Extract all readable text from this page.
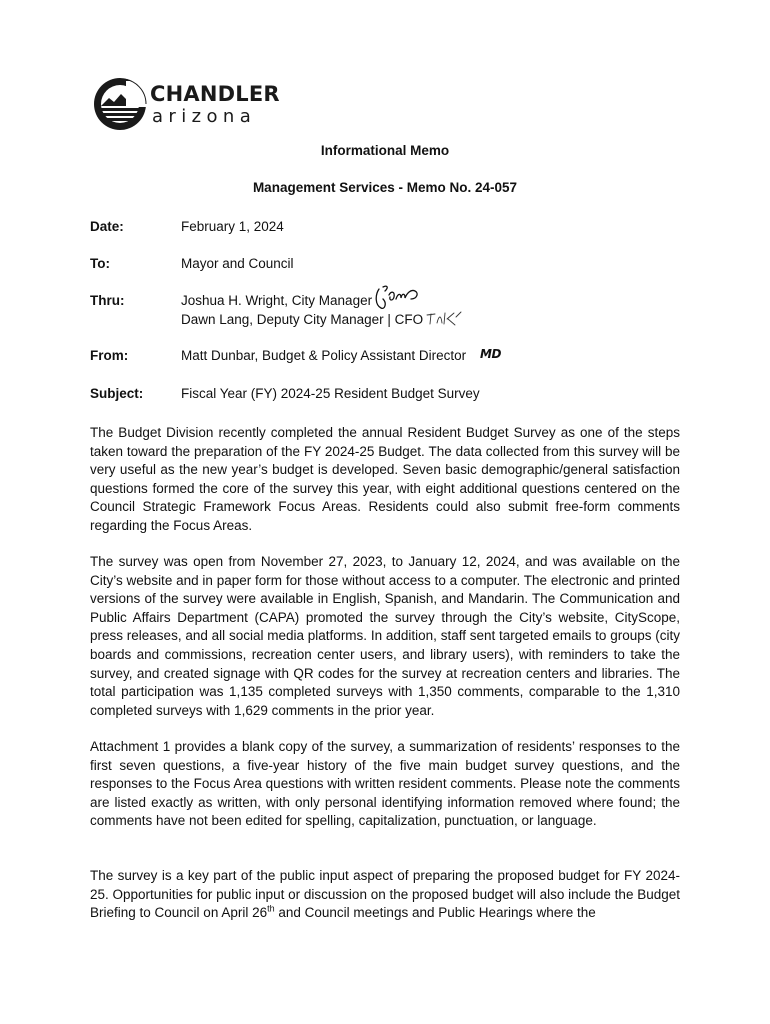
CHANDLER
arizona
Informational Memo
Management Services - Memo No. 24-057
Date:	February 1, 2024
To:	Mayor and Council
Thru:	Joshua H. Wright, City Manager
Dawn Lang, Deputy City Manager | CFO
From:	Matt Dunbar, Budget & Policy Assistant Director MD
Subject:	Fiscal Year (FY) 2024-25 Resident Budget Survey

The Budget Division recently completed the annual Resident Budget Survey as one of the steps taken toward the preparation of the FY 2024-25 Budget. The data collected from this survey will be very useful as the new year’s budget is developed. Seven basic demographic/general satisfaction questions formed the core of the survey this year, with eight additional questions centered on the Council Strategic Framework Focus Areas. Residents could also submit free-form comments regarding the Focus Areas.

The survey was open from November 27, 2023, to January 12, 2024, and was available on the City’s website and in paper form for those without access to a computer. The electronic and printed versions of the survey were available in English, Spanish, and Mandarin. The Communication and Public Affairs Department (CAPA) promoted the survey through the City’s website, CityScope, press releases, and all social media platforms. In addition, staff sent targeted emails to groups (city boards and commissions, recreation center users, and library users), with reminders to take the survey, and created signage with QR codes for the survey at recreation centers and libraries. The total participation was 1,135 completed surveys with 1,350 comments, comparable to the 1,310 completed surveys with 1,629 comments in the prior year.

Attachment 1 provides a blank copy of the survey, a summarization of residents’ responses to the first seven questions, a five-year history of the five main budget survey questions, and the responses to the Focus Area questions with written resident comments. Please note the comments are listed exactly as written, with only personal identifying information removed where found; the comments have not been edited for spelling, capitalization, punctuation, or language.

The survey is a key part of the public input aspect of preparing the proposed budget for FY 2024-25. Opportunities for public input or discussion on the proposed budget will also include the Budget Briefing to Council on April 26th and Council meetings and Public Hearings where the
